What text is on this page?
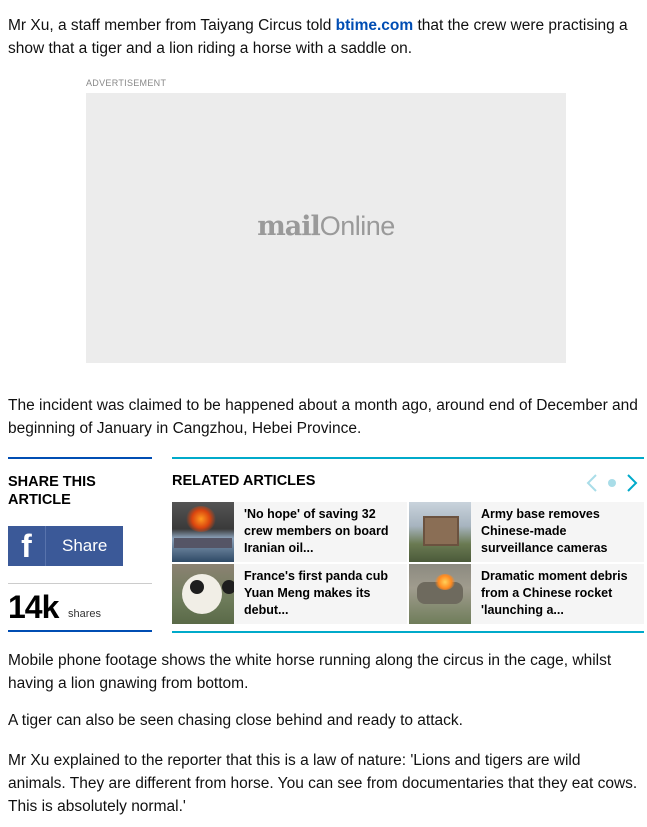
Mr Xu, a staff member from Taiyang Circus told btime.com that the crew were practising a show that a tiger and a lion riding a horse with a saddle on.

ADVERTISEMENT
mailOnline

The incident was claimed to be happened about a month ago, around end of December and beginning of January in Cangzhou, Hebei Province.

SHARE THIS ARTICLE
f	Share
14k shares
RELATED ARTICLES
'No hope' of saving 32 crew members on board Iranian oil...
Army base removes Chinese-made surveillance cameras
France's first panda cub Yuan Meng makes its debut...
Dramatic moment debris from a Chinese rocket 'launching a...

Mobile phone footage shows the white horse running along the circus in the cage, whilst having a lion gnawing from bottom.

A tiger can also be seen chasing close behind and ready to attack.

Mr Xu explained to the reporter that this is a law of nature: 'Lions and tigers are wild animals. They are different from horse. You can see from documentaries that they eat cows. This is absolutely normal.'
